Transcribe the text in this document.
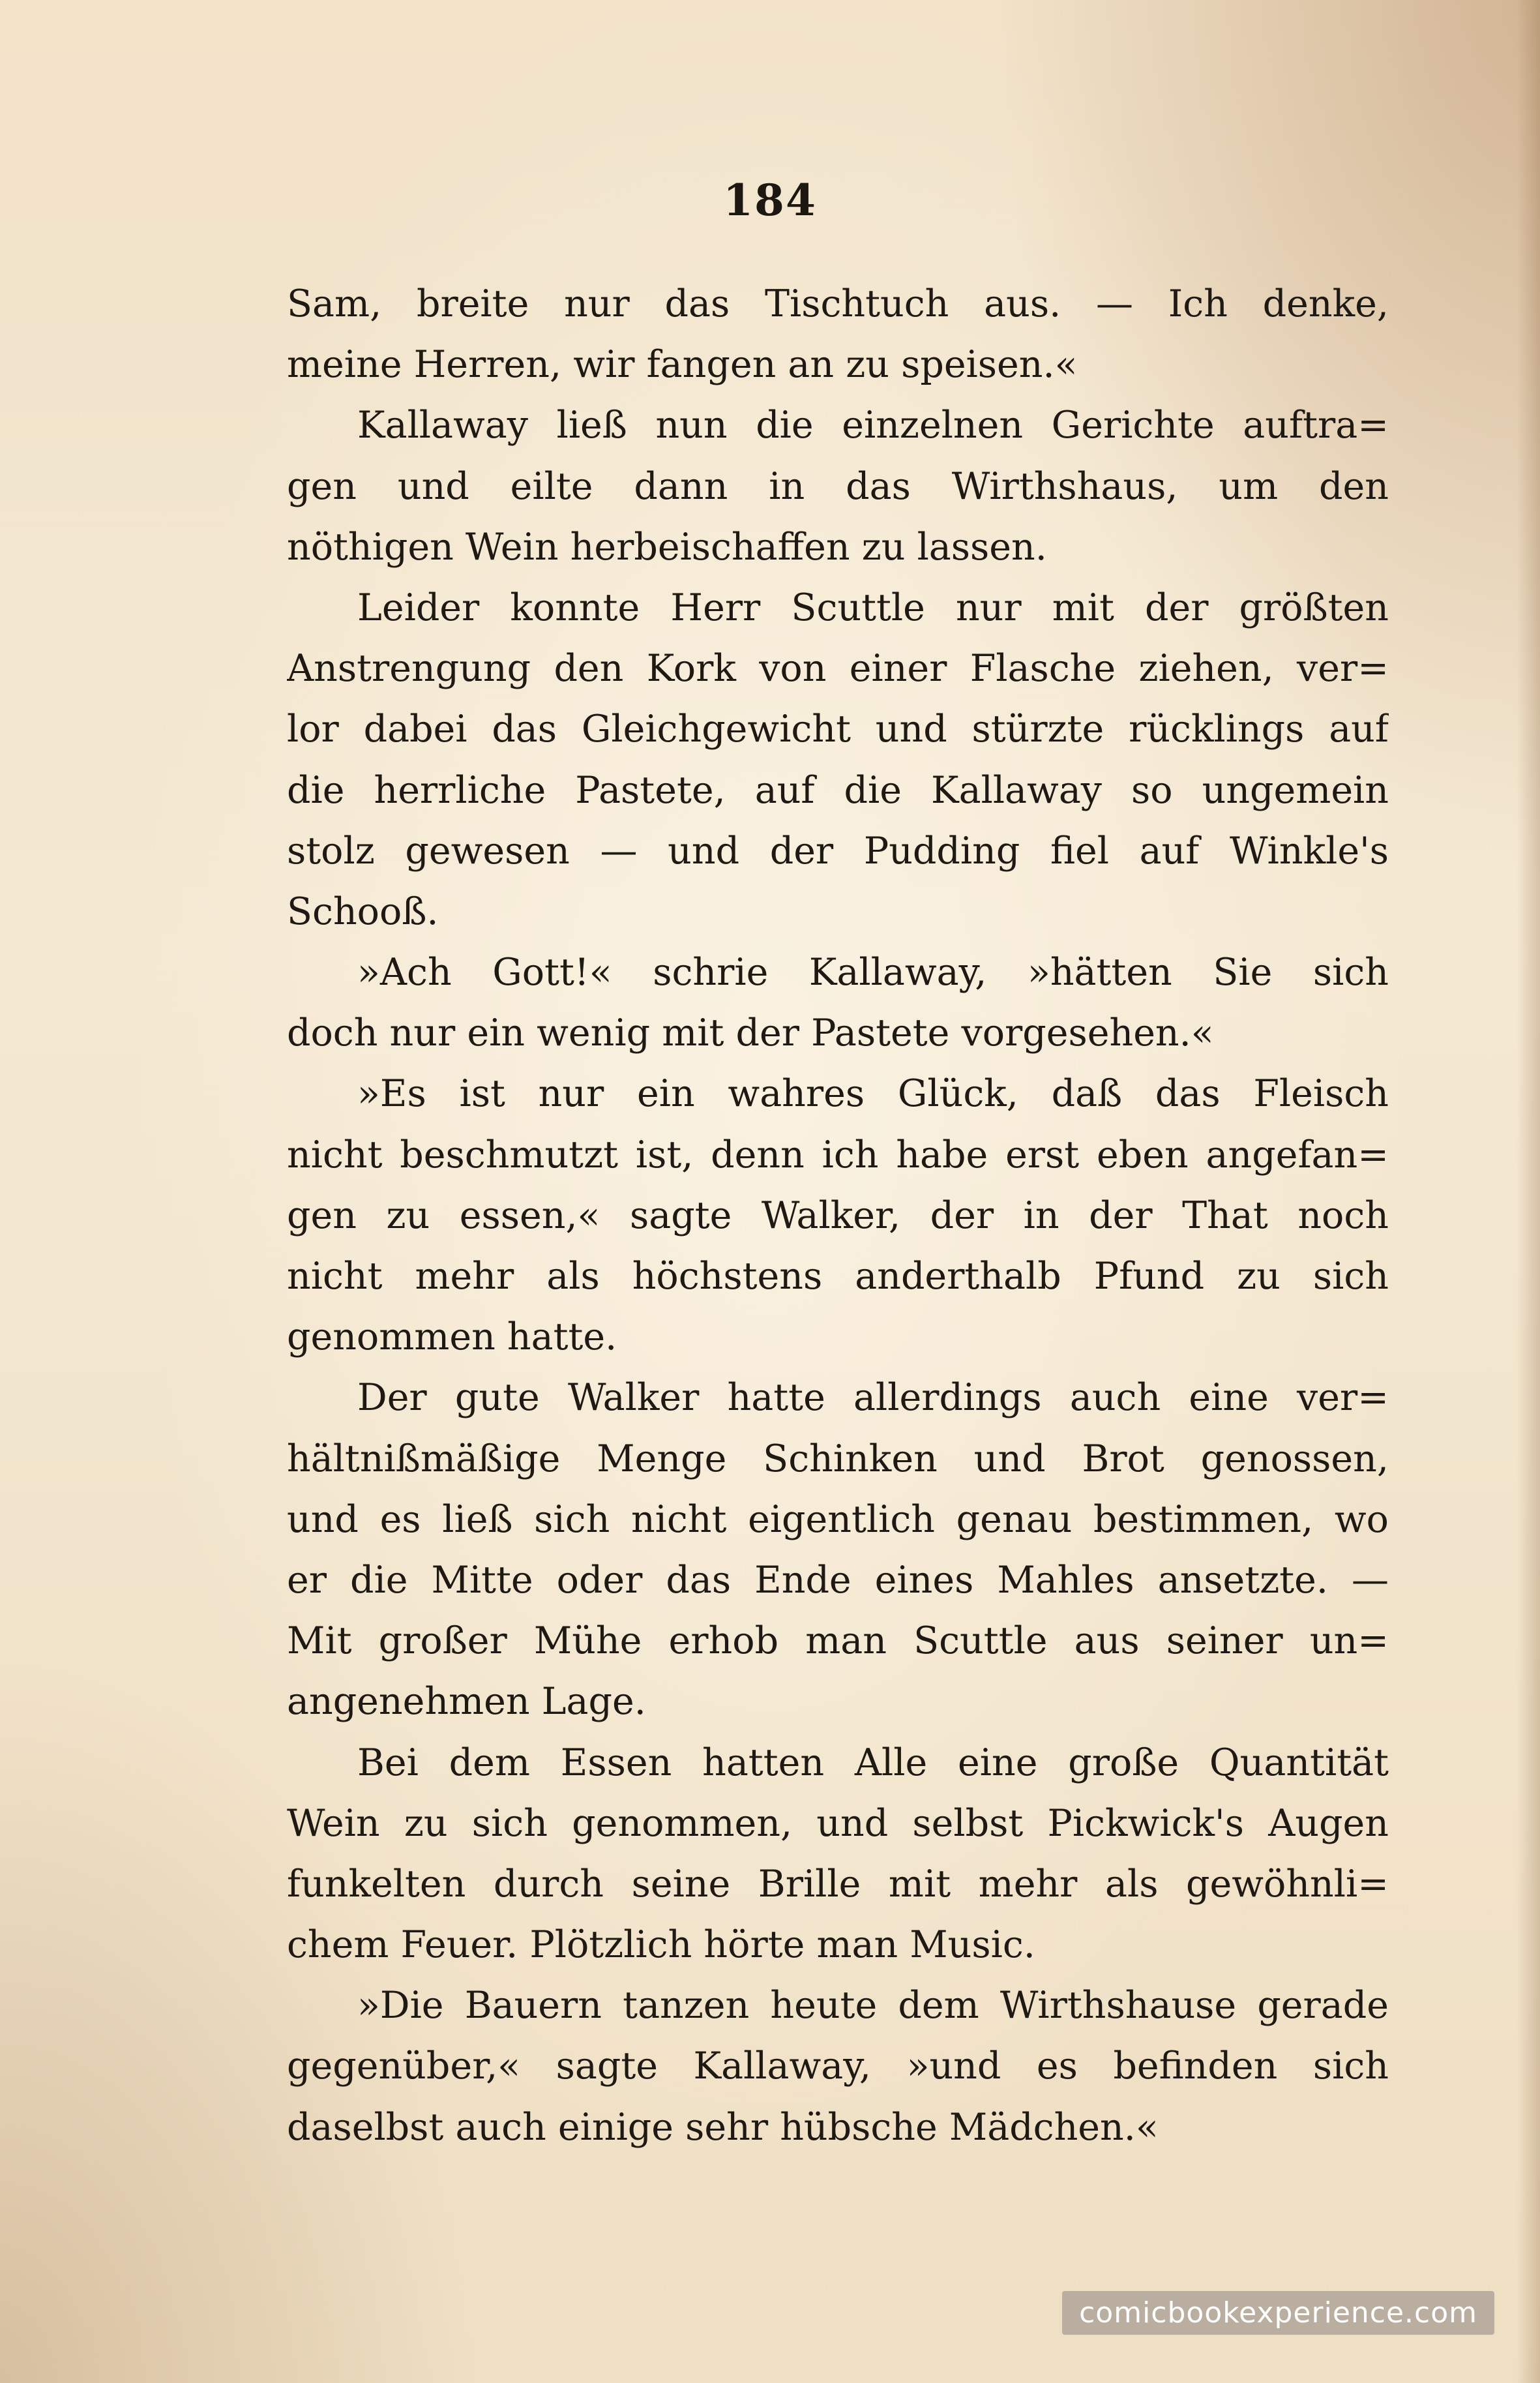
184
Sam, breite nur das Tischtuch aus. — Ich denke,
meine Herren, wir fangen an zu speisen.«
Kallaway ließ nun die einzelnen Gerichte auftra=
gen und eilte dann in das Wirthshaus, um den
nöthigen Wein herbeischaffen zu lassen.
Leider konnte Herr Scuttle nur mit der größten
Anstrengung den Kork von einer Flasche ziehen, ver=
lor dabei das Gleichgewicht und stürzte rücklings auf
die herrliche Pastete, auf die Kallaway so ungemein
stolz gewesen — und der Pudding fiel auf Winkle's
Schooß.
»Ach Gott!« schrie Kallaway, »hätten Sie sich
doch nur ein wenig mit der Pastete vorgesehen.«
»Es ist nur ein wahres Glück, daß das Fleisch
nicht beschmutzt ist, denn ich habe erst eben angefan=
gen zu essen,« sagte Walker, der in der That noch
nicht mehr als höchstens anderthalb Pfund zu sich
genommen hatte.
Der gute Walker hatte allerdings auch eine ver=
hältnißmäßige Menge Schinken und Brot genossen,
und es ließ sich nicht eigentlich genau bestimmen, wo
er die Mitte oder das Ende eines Mahles ansetzte. —
Mit großer Mühe erhob man Scuttle aus seiner un=
angenehmen Lage.
Bei dem Essen hatten Alle eine große Quantität
Wein zu sich genommen, und selbst Pickwick's Augen
funkelten durch seine Brille mit mehr als gewöhnli=
chem Feuer. Plötzlich hörte man Music.
»Die Bauern tanzen heute dem Wirthshause gerade
gegenüber,« sagte Kallaway, »und es befinden sich
daselbst auch einige sehr hübsche Mädchen.«
comicbookexperience.com
